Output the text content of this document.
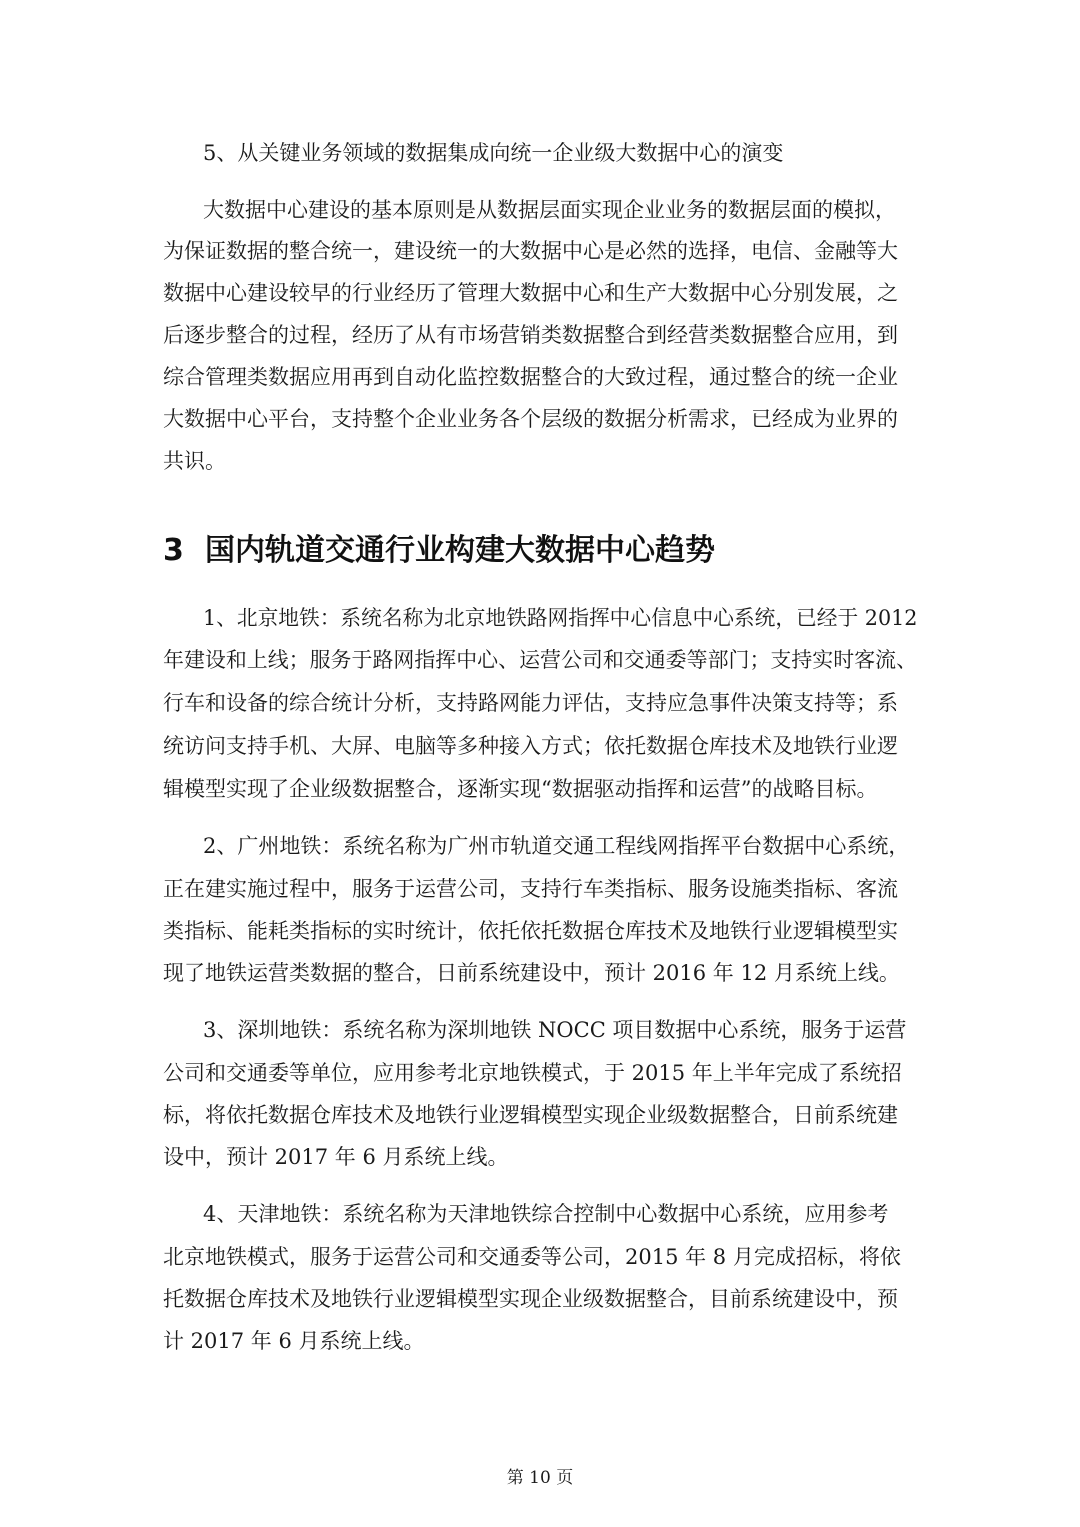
5、从关键业务领域的数据集成向统一企业级大数据中心的演变
大数据中心建设的基本原则是从数据层面实现企业业务的数据层面的模拟，
为保证数据的整合统一，建设统一的大数据中心是必然的选择，电信、金融等大
数据中心建设较早的行业经历了管理大数据中心和生产大数据中心分别发展，之
后逐步整合的过程，经历了从有市场营销类数据整合到经营类数据整合应用，到
综合管理类数据应用再到自动化监控数据整合的大致过程，通过整合的统一企业
大数据中心平台，支持整个企业业务各个层级的数据分析需求，已经成为业界的
共识。
3 国内轨道交通行业构建大数据中心趋势
1、北京地铁：系统名称为北京地铁路网指挥中心信息中心系统，已经于 2012
年建设和上线；服务于路网指挥中心、运营公司和交通委等部门；支持实时客流、
行车和设备的综合统计分析，支持路网能力评估，支持应急事件决策支持等；系
统访问支持手机、大屏、电脑等多种接入方式；依托数据仓库技术及地铁行业逻
辑模型实现了企业级数据整合，逐渐实现“数据驱动指挥和运营”的战略目标。
2、广州地铁：系统名称为广州市轨道交通工程线网指挥平台数据中心系统，
正在建实施过程中，服务于运营公司，支持行车类指标、服务设施类指标、客流
类指标、能耗类指标的实时统计，依托依托数据仓库技术及地铁行业逻辑模型实
现了地铁运营类数据的整合，日前系统建设中，预计 2016 年 12 月系统上线。
3、深圳地铁：系统名称为深圳地铁 NOCC 项目数据中心系统，服务于运营
公司和交通委等单位，应用参考北京地铁模式，于 2015 年上半年完成了系统招
标，将依托数据仓库技术及地铁行业逻辑模型实现企业级数据整合，日前系统建
设中，预计 2017 年 6 月系统上线。
4、天津地铁：系统名称为天津地铁综合控制中心数据中心系统，应用参考
北京地铁模式，服务于运营公司和交通委等公司，2015 年 8 月完成招标，将依
托数据仓库技术及地铁行业逻辑模型实现企业级数据整合，目前系统建设中，预
计 2017 年 6 月系统上线。
第 10 页
